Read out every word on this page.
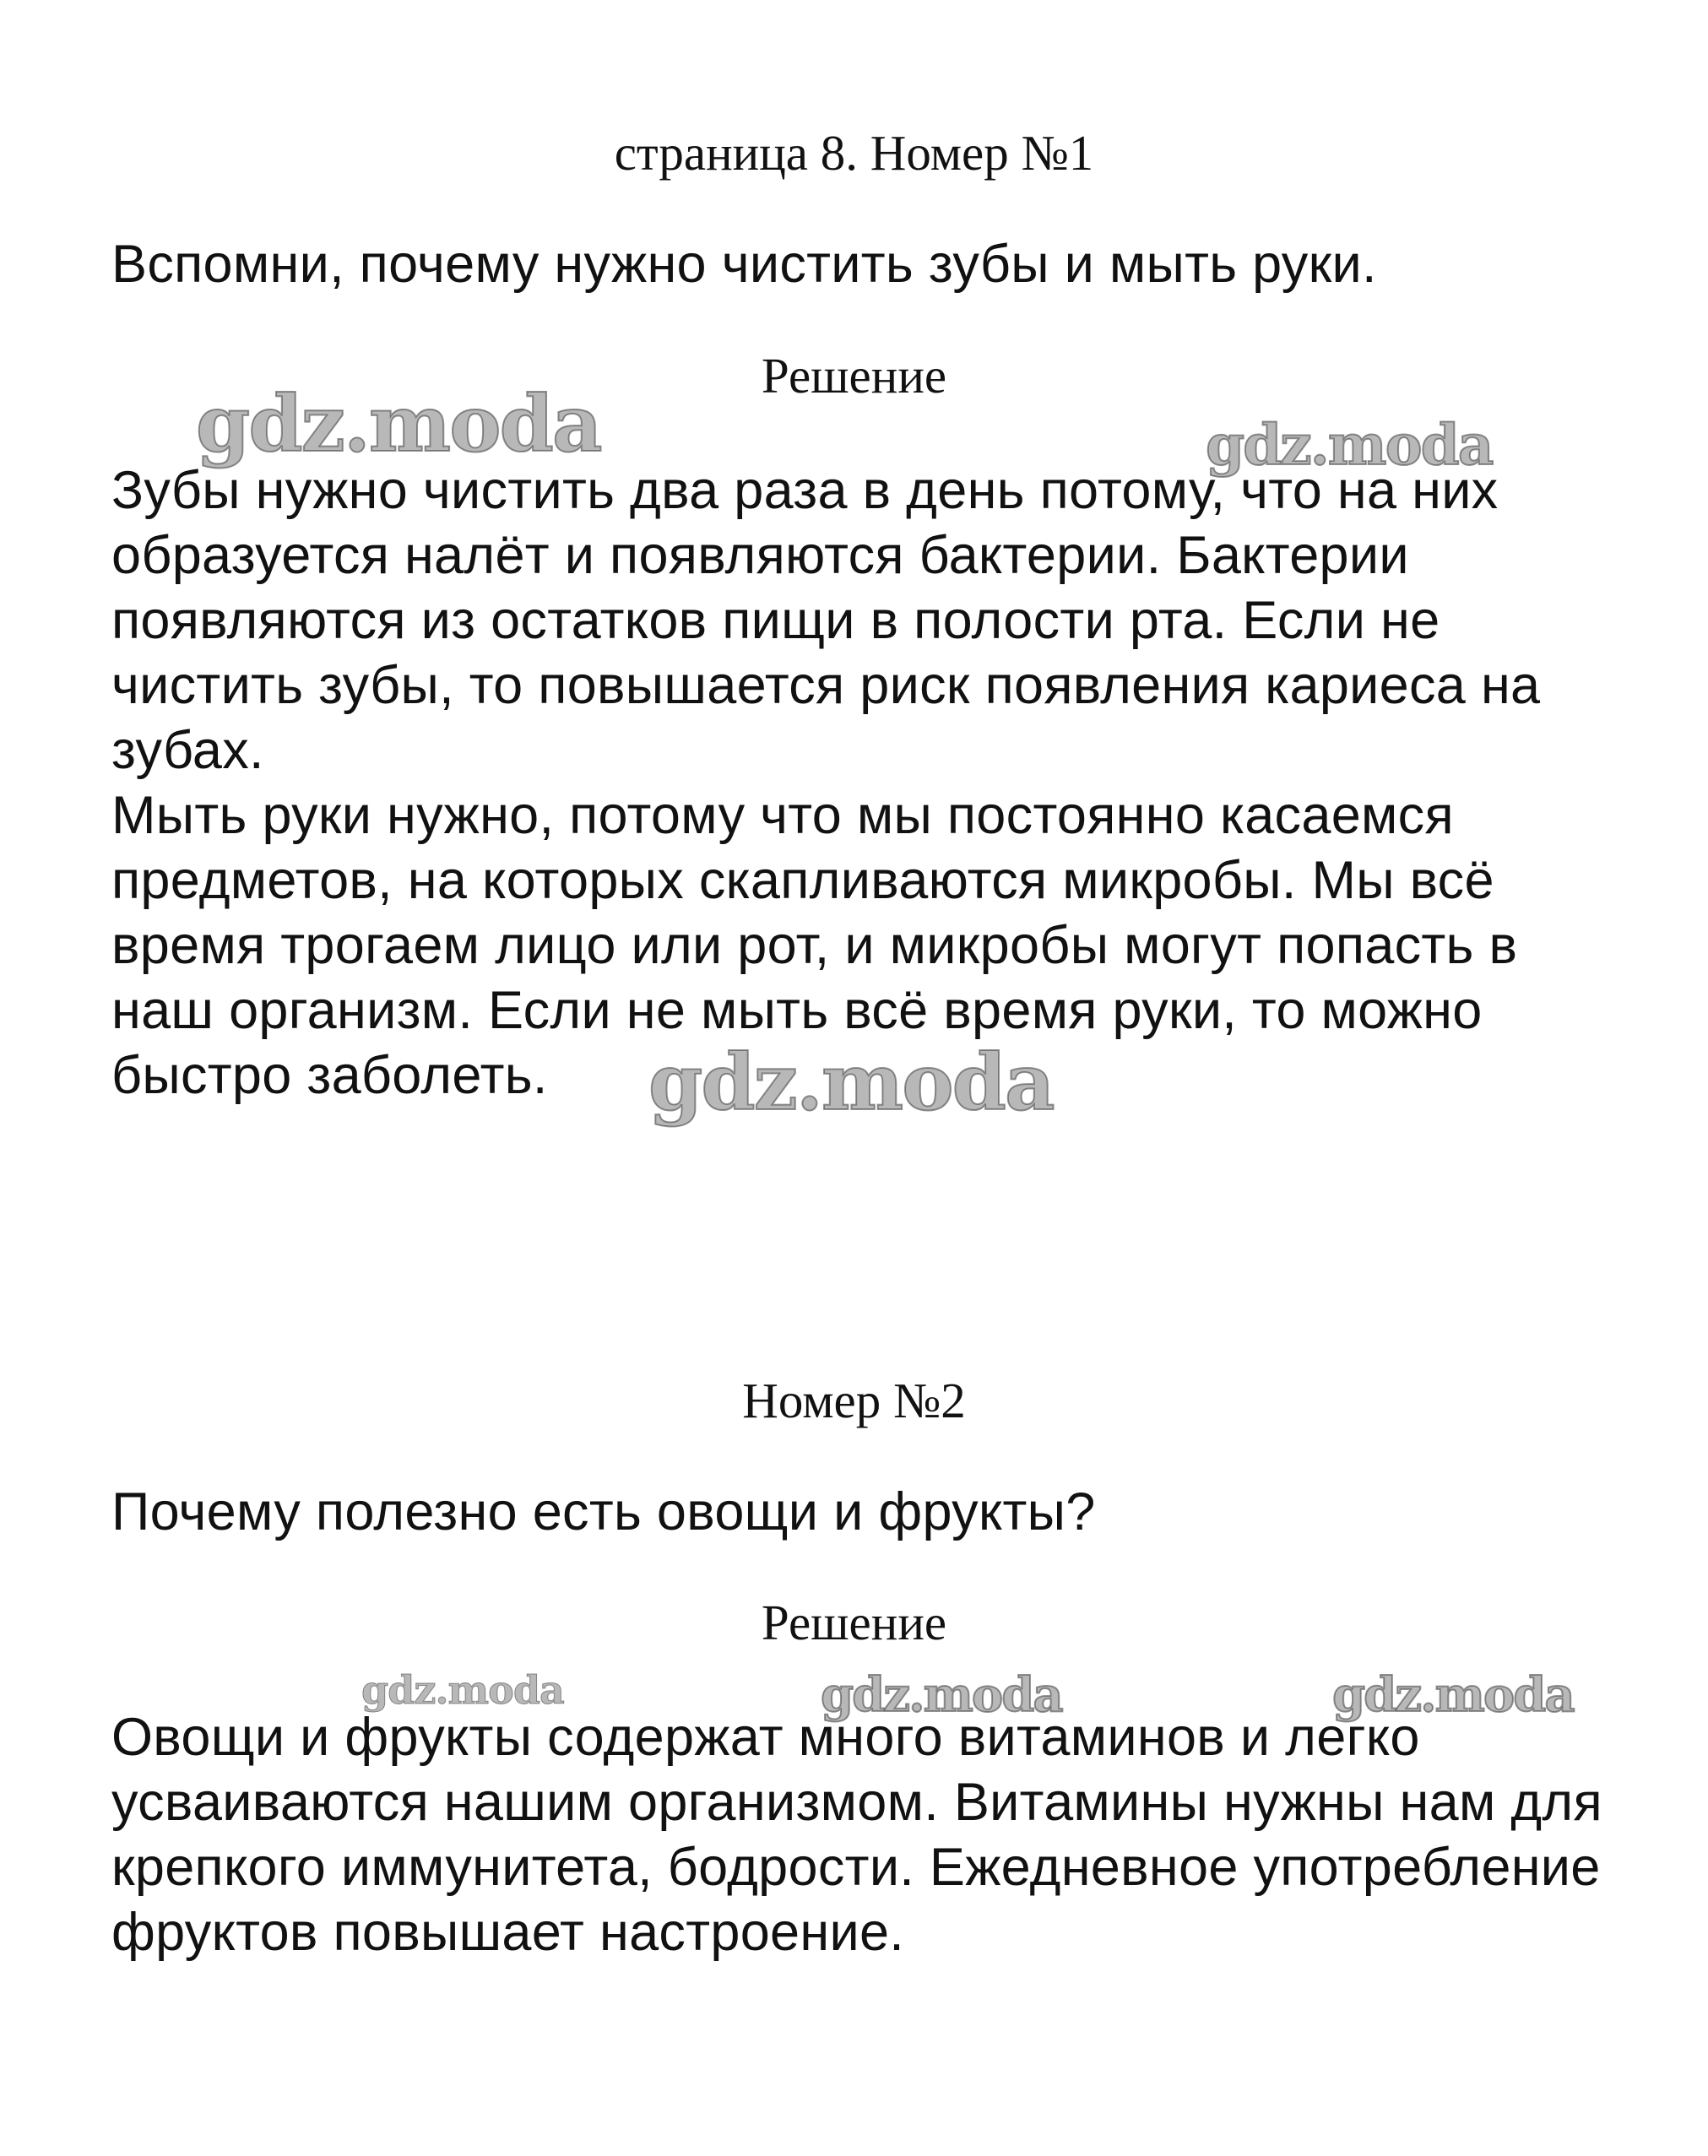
страница 8. Номер №1
Вспомни, почему нужно чистить зубы и мыть руки.
Решение
Зубы нужно чистить два раза в день потому, что на них
образуется налёт и появляются бактерии. Бактерии
появляются из остатков пищи в полости рта. Если не
чистить зубы, то повышается риск появления кариеса на
зубах.
Мыть руки нужно, потому что мы постоянно касаемся
предметов, на которых скапливаются микробы. Мы всё
время трогаем лицо или рот, и микробы могут попасть в
наш организм. Если не мыть всё время руки, то можно
быстро заболеть.
Номер №2
Почему полезно есть овощи и фрукты?
Решение
Овощи и фрукты содержат много витаминов и легко
усваиваются нашим организмом. Витамины нужны нам для
крепкого иммунитета, бодрости. Ежедневное употребление
фруктов повышает настроение.
gdz.moda	gdz.moda
gdz.moda
gdz.moda	gdz.moda	gdz.moda
